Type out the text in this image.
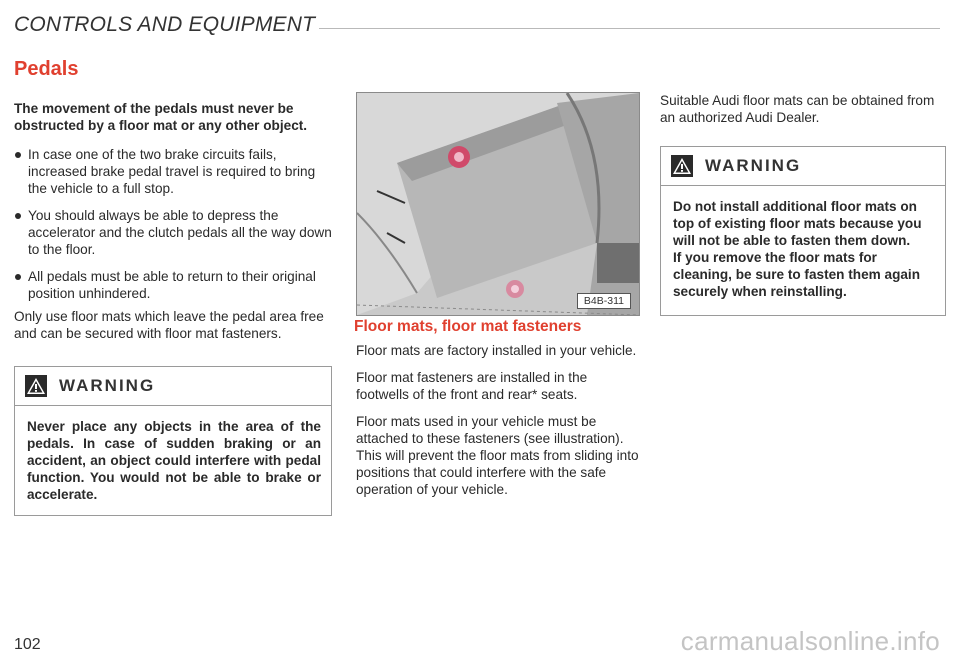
CONTROLS AND EQUIPMENT
Pedals

The movement of the pedals must never be obstructed by a floor mat or any other object.

In case one of the two brake circuits fails, increased brake pedal travel is required to bring the vehicle to a full stop.

You should always be able to depress the accelerator and the clutch pedals all the way down to the floor.

All pedals must be able to return to their original position unhindered.

Only use floor mats which leave the pedal area free and can be secured with floor mat fasteners.

WARNING
Never place any objects in the area of the pedals. In case of sudden braking or an accident, an object could interfere with pedal function. You would not be able to brake or accelerate.
B4B-311
Floor mats, floor mat fasteners

Floor mats are factory installed in your vehicle.

Floor mat fasteners are installed in the footwells of the front and rear* seats.

Floor mats used in your vehicle must be attached to these fasteners (see illustration). This will prevent the floor mats from sliding into positions that could interfere with the safe operation of your vehicle.

Suitable Audi floor mats can be obtained from an authorized Audi Dealer.

WARNING
Do not install additional floor mats on top of existing floor mats because you will not be able to fasten them down.
If you remove the floor mats for cleaning, be sure to fasten them again securely when reinstalling.
102	carmanualsonline.info
